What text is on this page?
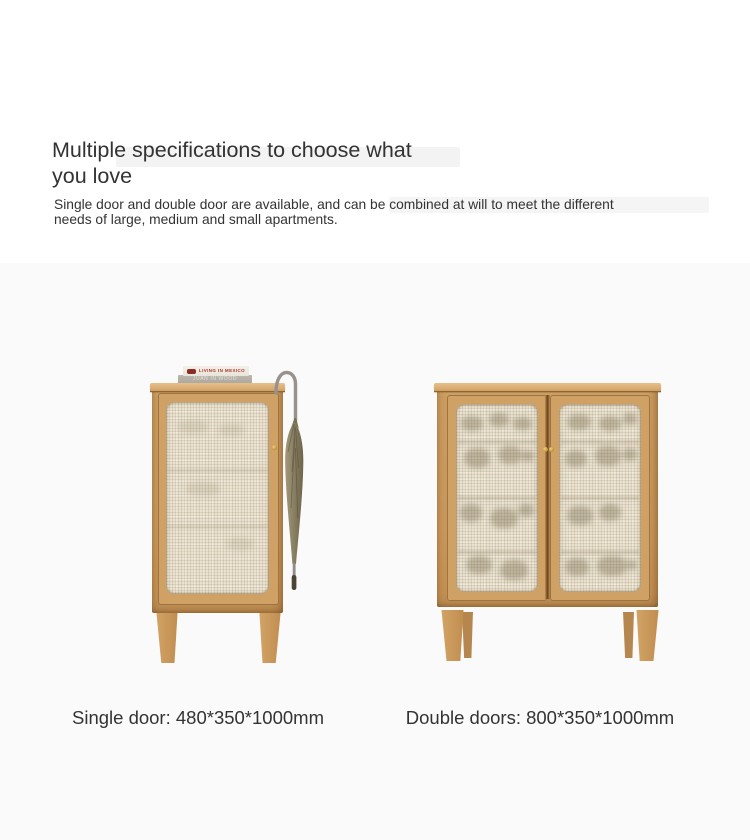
Multiple specifications to choose what
you love

Single door and double door are available, and can be combined at will to meet the different
needs of large, medium and small apartments.

JUAN IN WOOD
LIVING IN MEXICO
Single door: 480*350*1000mm	Double doors: 800*350*1000mm
